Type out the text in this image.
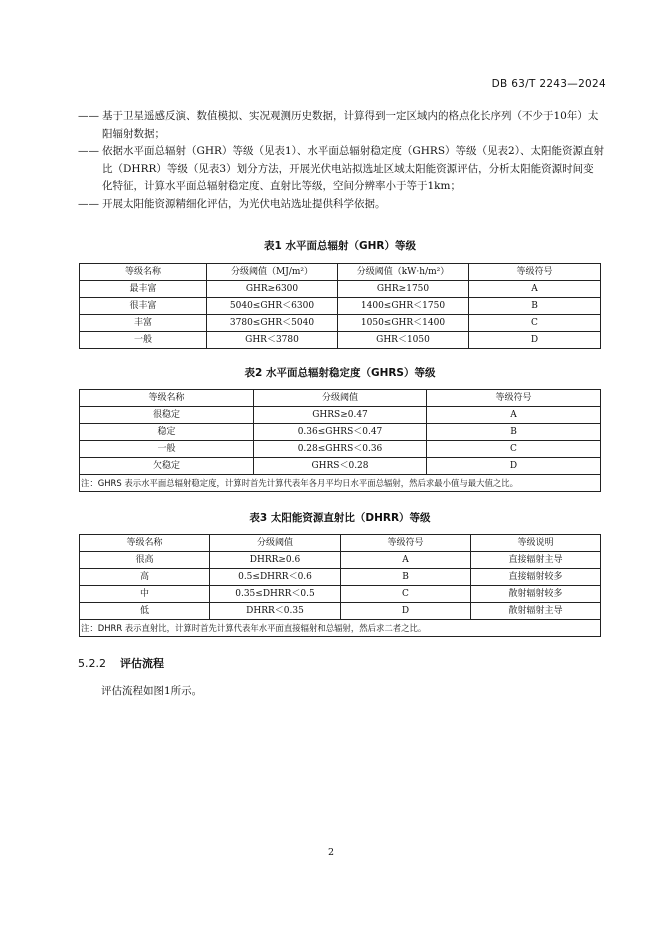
DB 63/T 2243—2024

—— 基于卫星遥感反演、数值模拟、实况观测历史数据，计算得到一定区域内的格点化长序列（不少于10年）太阳辐射数据；

—— 依据水平面总辐射（GHR）等级（见表1）、水平面总辐射稳定度（GHRS）等级（见表2）、太阳能资源直射比（DHRR）等级（见表3）划分方法，开展光伏电站拟选址区域太阳能资源评估，分析太阳能资源时间变化特征，计算水平面总辐射稳定度、直射比等级，空间分辨率小于等于1km；

—— 开展太阳能资源精细化评估，为光伏电站选址提供科学依据。

表1 水平面总辐射（GHR）等级
等级名称	分级阈值（MJ/m²）	分级阈值（kW·h/m²）	等级符号
最丰富	GHR≥6300	GHR≥1750	A
很丰富	5040≤GHR＜6300	1400≤GHR＜1750	B
丰富	3780≤GHR＜5040	1050≤GHR＜1400	C
一般	GHR＜3780	GHR＜1050	D
表2 水平面总辐射稳定度（GHRS）等级
等级名称	分级阈值	等级符号
很稳定	GHRS≥0.47	A
稳定	0.36≤GHRS＜0.47	B
一般	0.28≤GHRS＜0.36	C
欠稳定	GHRS＜0.28	D
注：GHRS 表示水平面总辐射稳定度，计算时首先计算代表年各月平均日水平面总辐射，然后求最小值与最大值之比。		
表3 太阳能资源直射比（DHRR）等级
等级名称	分级阈值	等级符号	等级说明
很高	DHRR≥0.6	A	直接辐射主导
高	0.5≤DHRR＜0.6	B	直接辐射较多
中	0.35≤DHRR＜0.5	C	散射辐射较多
低	DHRR＜0.35	D	散射辐射主导
注：DHRR 表示直射比，计算时首先计算代表年水平面直接辐射和总辐射，然后求二者之比。			
5.2.2 评估流程
评估流程如图1所示。
2
